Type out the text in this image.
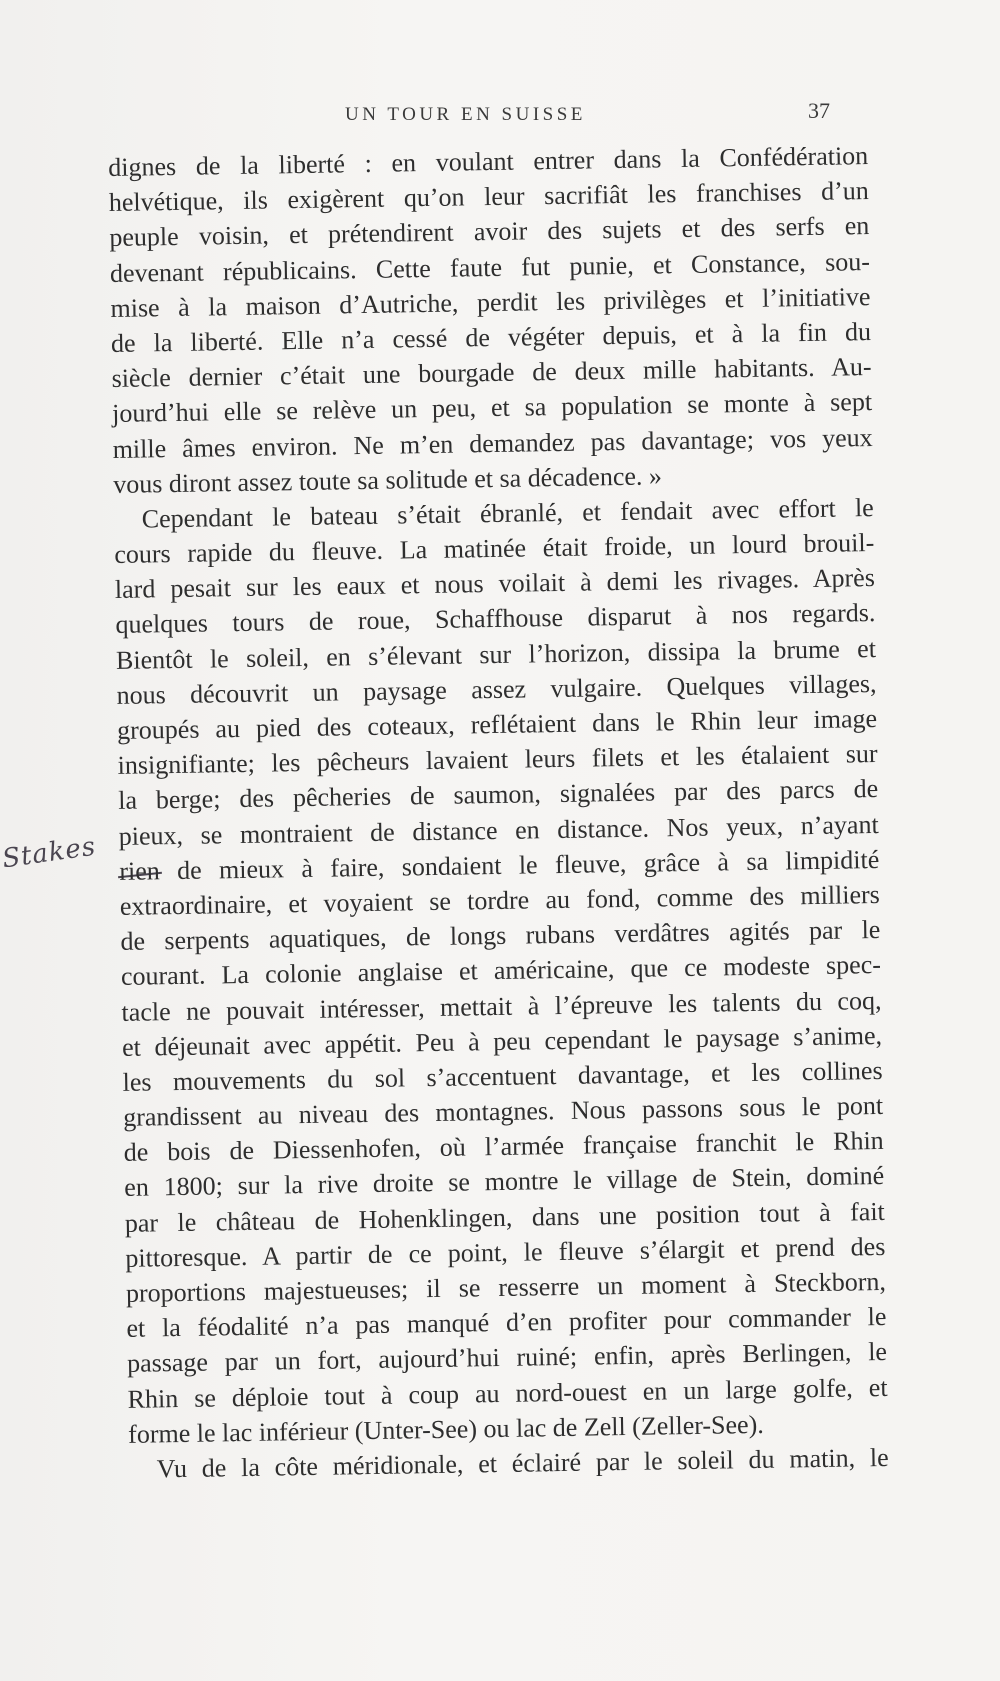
UN TOUR EN SUISSE	37
Stakes
dignes de la liberté : en voulant entrer dans la Confédération
helvétique, ils exigèrent qu’on leur sacrifiât les franchises d’un
peuple voisin, et prétendirent avoir des sujets et des serfs en
devenant républicains. Cette faute fut punie, et Constance, sou-
mise à la maison d’Autriche, perdit les privilèges et l’initiative
de la liberté. Elle n’a cessé de végéter depuis, et à la fin du
siècle dernier c’était une bourgade de deux mille habitants. Au-
jourd’hui elle se relève un peu, et sa population se monte à sept
mille âmes environ. Ne m’en demandez pas davantage; vos yeux
vous diront assez toute sa solitude et sa décadence. »
Cependant le bateau s’était ébranlé, et fendait avec effort le
cours rapide du fleuve. La matinée était froide, un lourd brouil-
lard pesait sur les eaux et nous voilait à demi les rivages. Après
quelques tours de roue, Schaffhouse disparut à nos regards.
Bientôt le soleil, en s’élevant sur l’horizon, dissipa la brume et
nous découvrit un paysage assez vulgaire. Quelques villages,
groupés au pied des coteaux, reflétaient dans le Rhin leur image
insignifiante; les pêcheurs lavaient leurs filets et les étalaient sur
la berge; des pêcheries de saumon, signalées par des parcs de
pieux, se montraient de distance en distance. Nos yeux, n’ayant
rien de mieux à faire, sondaient le fleuve, grâce à sa limpidité
extraordinaire, et voyaient se tordre au fond, comme des milliers
de serpents aquatiques, de longs rubans verdâtres agités par le
courant. La colonie anglaise et américaine, que ce modeste spec-
tacle ne pouvait intéresser, mettait à l’épreuve les talents du coq,
et déjeunait avec appétit. Peu à peu cependant le paysage s’anime,
les mouvements du sol s’accentuent davantage, et les collines
grandissent au niveau des montagnes. Nous passons sous le pont
de bois de Diessenhofen, où l’armée française franchit le Rhin
en 1800; sur la rive droite se montre le village de Stein, dominé
par le château de Hohenklingen, dans une position tout à fait
pittoresque. A partir de ce point, le fleuve s’élargit et prend des
proportions majestueuses; il se resserre un moment à Steckborn,
et la féodalité n’a pas manqué d’en profiter pour commander le
passage par un fort, aujourd’hui ruiné; enfin, après Berlingen, le
Rhin se déploie tout à coup au nord-ouest en un large golfe, et
forme le lac inférieur (Unter-See) ou lac de Zell (Zeller-See).
Vu de la côte méridionale, et éclairé par le soleil du matin, le
